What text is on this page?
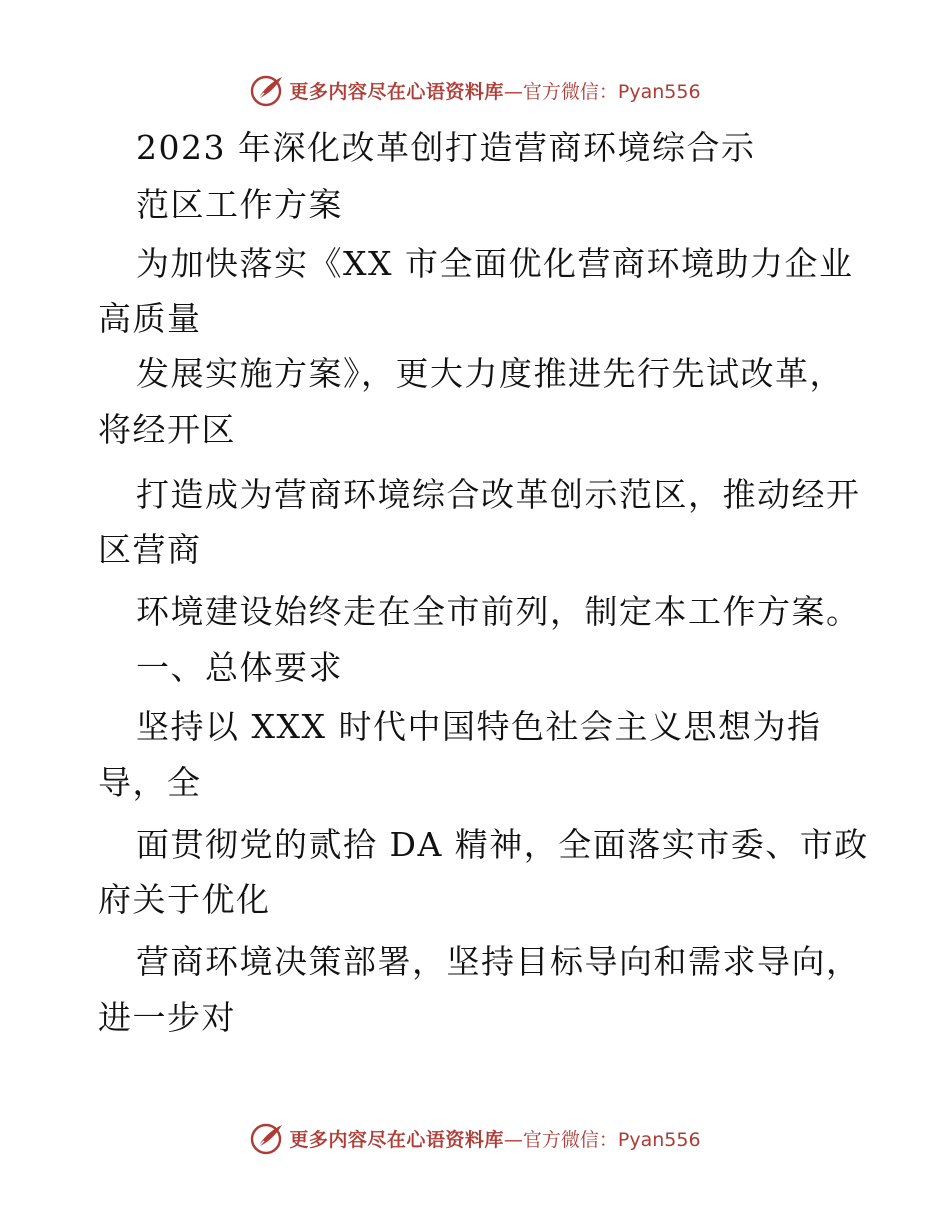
更多内容尽在心语资料库 —官方微信：Pyan556
2023 年深化改革创打造营商环境综合示
范区工作方案
为加快落实《XX 市全面优化营商环境助力企业
高质量
发展实施方案》，更大力度推进先行先试改革，
将经开区
打造成为营商环境综合改革创示范区，推动经开
区营商
环境建设始终走在全市前列，制定本工作方案。
一、总体要求
坚持以 XXX 时代中国特色社会主义思想为指
导，全
面贯彻党的贰拾 DA 精神，全面落实市委、市政
府关于优化
营商环境决策部署，坚持目标导向和需求导向，
进一步对
更多内容尽在心语资料库 —官方微信：Pyan556
